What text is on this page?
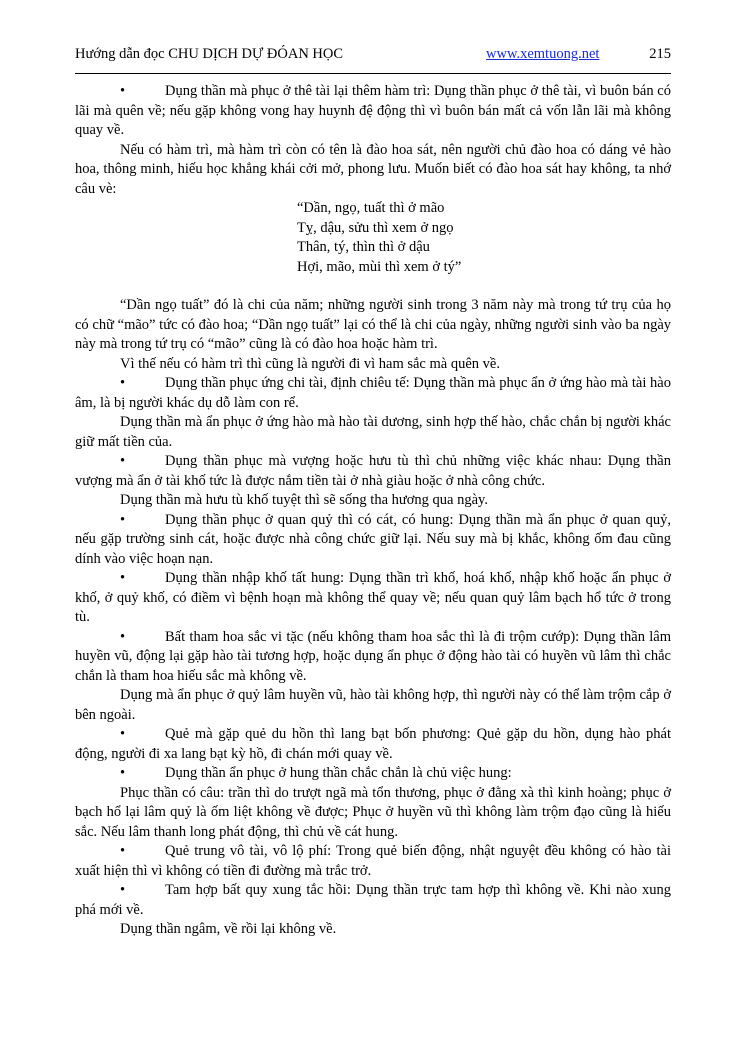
Hướng dẫn đọc CHU DỊCH DỰ ĐÓAN HỌC	www.xemtuong.net	215

•	Dụng thần mà phục ở thê tài lại thêm hàm trì: Dụng thần phục ở thê tài, vì buôn bán có lãi mà quên về; nếu gặp không vong hay huynh đệ động thì vì buôn bán mất cả vốn lẫn lãi mà không quay về.

Nếu có hàm trì, mà hàm trì còn có tên là đào hoa sát, nên người chủ đào hoa có dáng vẻ hào hoa, thông minh, hiếu học khẳng khái cởi mở, phong lưu. Muốn biết có đào hoa sát hay không, ta nhớ câu vè:

“Dần, ngọ, tuất thì ở mão
Tỵ, dậu, sửu thì xem ở ngọ
Thân, tý, thìn thì ở dậu
Hợi, mão, mùi thì xem ở tý”

“Dần ngọ tuất” đó là chi của năm; những người sinh trong 3 năm này mà trong tứ trụ của họ có chữ “mão” tức có đào hoa; “Dần ngọ tuất” lại có thể là chi của ngày, những người sinh vào ba ngày này mà trong tứ trụ có “mão” cũng là có đào hoa hoặc hàm trì.

Vì thế nếu có hàm trì thì cũng là người đi vì ham sắc mà quên về.

•	Dụng thần phục ứng chi tài, định chiêu tế: Dụng thần mà phục ẩn ở ứng hào mà tài hào âm, là bị người khác dụ dỗ làm con rể.

Dụng thần mà ẩn phục ở ứng hào mà hào tài dương, sinh hợp thế hào, chắc chắn bị người khác giữ mất tiền của.

•	Dụng thần phục mà vượng hoặc hưu tù thì chủ những việc khác nhau: Dụng thần vượng mà ẩn ở tài khố tức là được nắm tiền tài ở nhà giàu hoặc ở nhà công chức.

Dụng thần mà hưu tù khố tuyệt thì sẽ sống tha hương qua ngày.

•	Dụng thần phục ở quan quỷ thì có cát, có hung: Dụng thần mà ẩn phục ở quan quỷ, nếu gặp trường sinh cát, hoặc được nhà công chức giữ lại. Nếu suy mà bị khắc, không ốm đau cũng dính vào việc hoạn nạn.

•	Dụng thần nhập khố tất hung: Dụng thần trì khố, hoá khố, nhập khố hoặc ẩn phục ở khố, ở quỷ khố, có điềm vì bệnh hoạn mà không thể quay về; nếu quan quỷ lâm bạch hổ tức ở trong tù.

•	Bất tham hoa sắc vi tặc (nếu không tham hoa sắc thì là đi trộm cướp): Dụng thần lâm huyền vũ, động lại gặp hào tài tương hợp, hoặc dụng ẩn phục ở động hào tài có huyền vũ lâm thì chắc chắn là tham hoa hiếu sắc mà không về.

Dụng mà ẩn phục ở quỷ lâm huyền vũ, hào tài không hợp, thì người này có thể làm trộm cắp ở bên ngoài.

•	Quẻ mà gặp quẻ du hồn thì lang bạt bốn phương: Quẻ gặp du hồn, dụng hào phát động, người đi xa lang bạt kỳ hồ, đi chán mới quay về.

•	Dụng thần ẩn phục ở hung thần chắc chắn là chủ việc hung:

Phục thần có câu: trần thì do trượt ngã mà tổn thương, phục ở đằng xà thì kinh hoàng; phục ở bạch hổ lại lâm quỷ là ốm liệt không về được; Phục ở huyền vũ thì không làm trộm đạo cũng là hiếu sắc. Nếu lâm thanh long phát động, thì chủ về cát hung.

•	Quẻ trung vô tài, vô lộ phí: Trong quẻ biến động, nhật nguyệt đều không có hào tài xuất hiện thì vì không có tiền đi đường mà trắc trở.

•	Tam hợp bất quy xung tắc hồi: Dụng thần trực tam hợp thì không về. Khi nào xung phá mới về.

Dụng thần ngâm, về rồi lại không về.
